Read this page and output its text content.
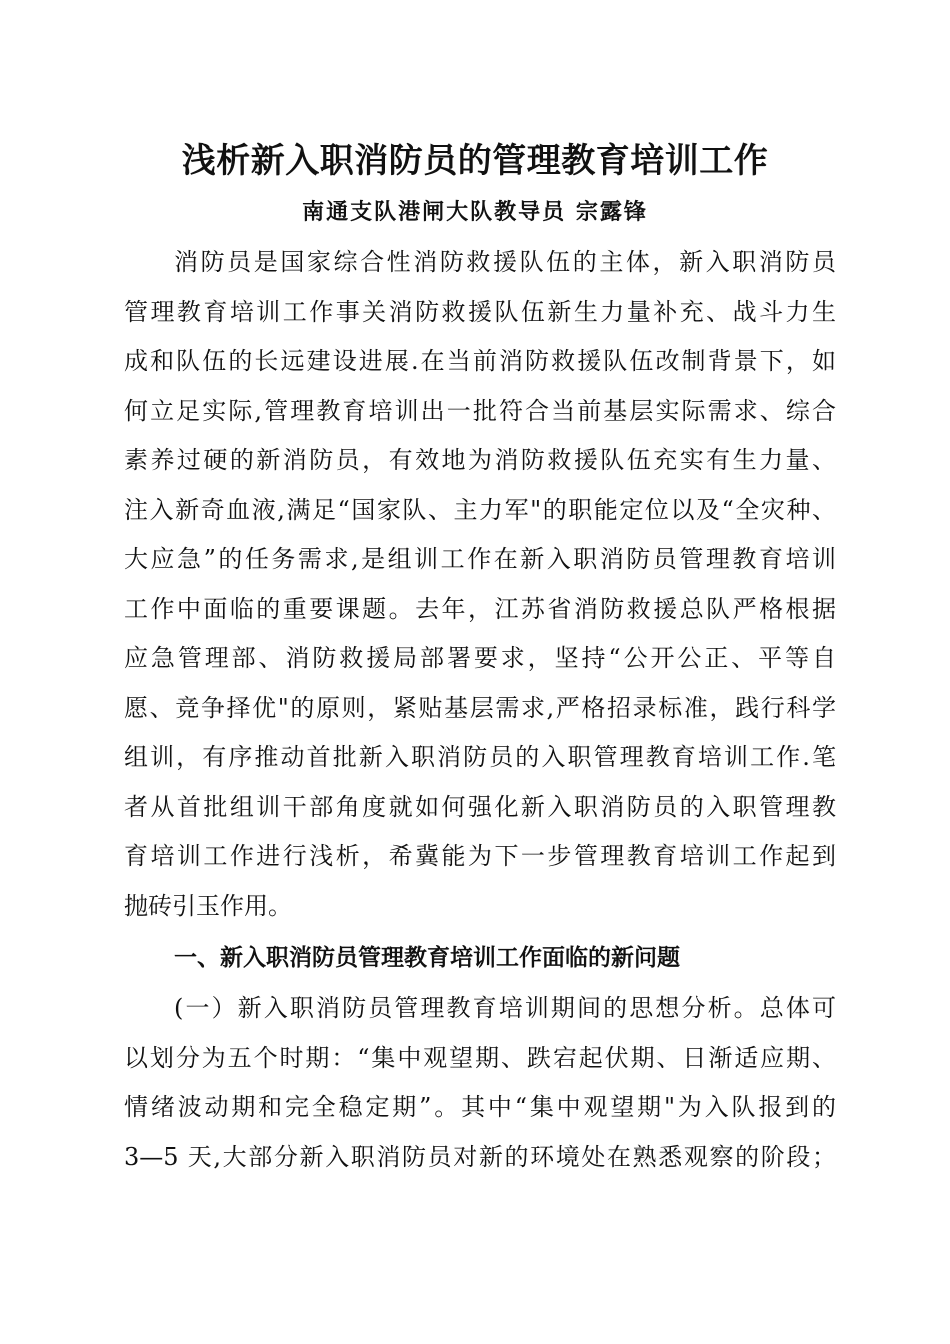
浅析新入职消防员的管理教育培训工作

南通支队港闸大队教导员 宗露锋

消防员是国家综合性消防救援队伍的主体，新入职消防员

管理教育培训工作事关消防救援队伍新生力量补充、战斗力生

成和队伍的长远建设进展.在当前消防救援队伍改制背景下，如

何立足实际,管理教育培训出一批符合当前基层实际需求、综合

素养过硬的新消防员，有效地为消防救援队伍充实有生力量、

注入新奇血液,满足“国家队、主力军"的职能定位以及“全灾种、

大应急”的任务需求,是组训工作在新入职消防员管理教育培训

工作中面临的重要课题。去年，江苏省消防救援总队严格根据

应急管理部、消防救援局部署要求，坚持“公开公正、平等自

愿、竞争择优"的原则，紧贴基层需求,严格招录标准，践行科学

组训，有序推动首批新入职消防员的入职管理教育培训工作.笔

者从首批组训干部角度就如何强化新入职消防员的入职管理教

育培训工作进行浅析，希冀能为下一步管理教育培训工作起到

抛砖引玉作用。

一、新入职消防员管理教育培训工作面临的新问题

(一）新入职消防员管理教育培训期间的思想分析。总体可

以划分为五个时期：“集中观望期、跌宕起伏期、日渐适应期、

情绪波动期和完全稳定期”。其中“集中观望期"为入队报到的

3—5 天,大部分新入职消防员对新的环境处在熟悉观察的阶段；
